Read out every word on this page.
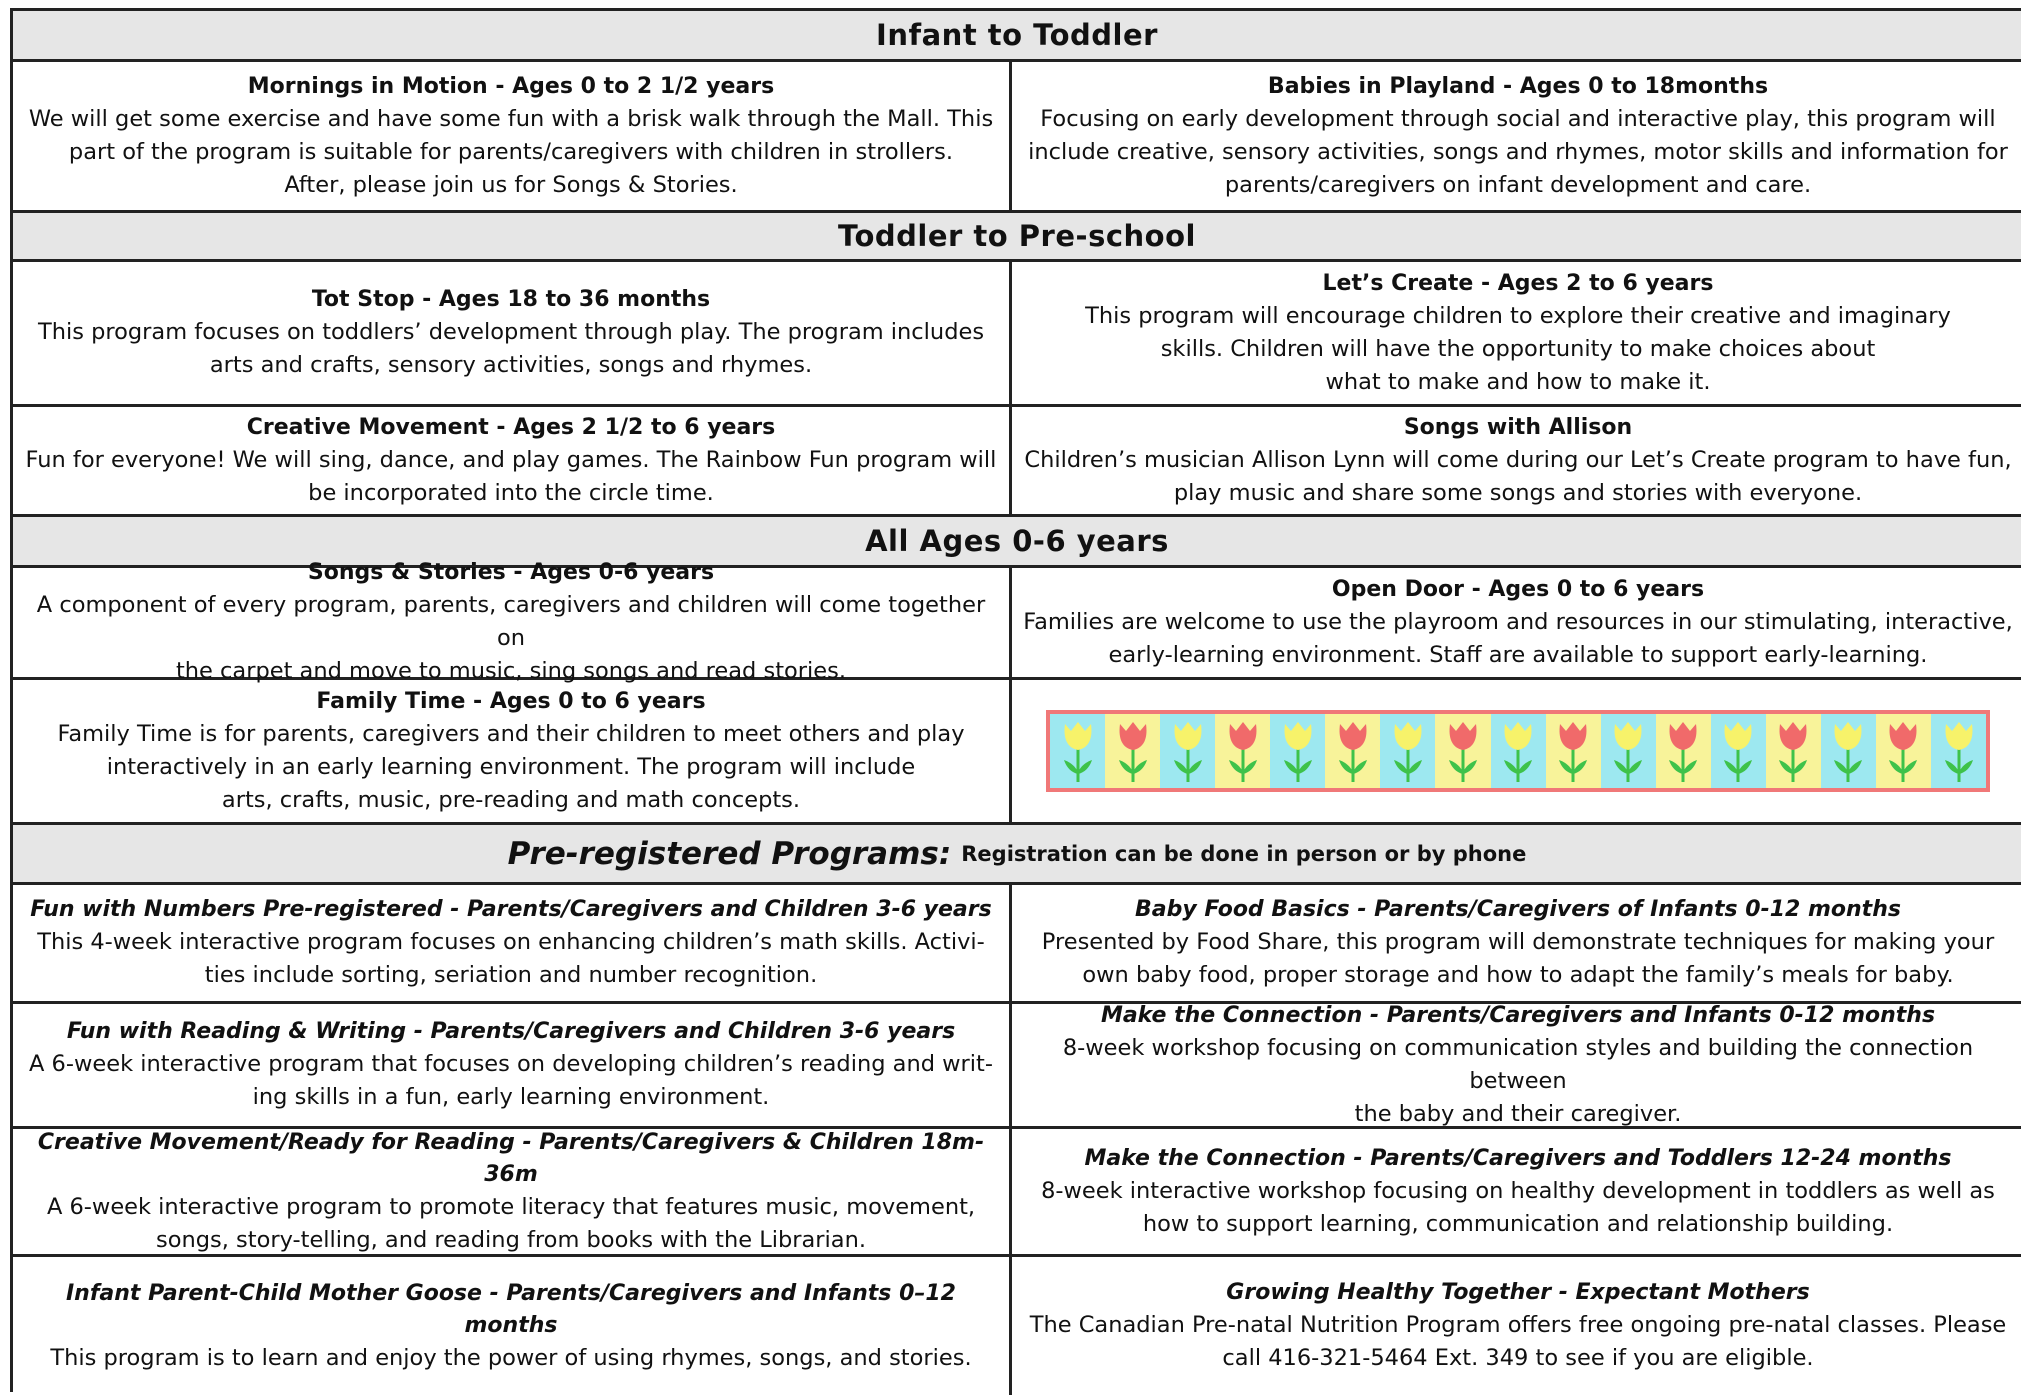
Infant to Toddler
Mornings in Motion - Ages 0 to 2 1/2 years
We will get some exercise and have some fun with a brisk walk through the Mall. This
part of the program is suitable for parents/caregivers with children in strollers.
After, please join us for Songs & Stories.
Babies in Playland - Ages 0 to 18months
Focusing on early development through social and interactive play, this program will
include creative, sensory activities, songs and rhymes, motor skills and information for
parents/caregivers on infant development and care.
Toddler to Pre-school
Tot Stop - Ages 18 to 36 months
This program focuses on toddlers’ development through play. The program includes
arts and crafts, sensory activities, songs and rhymes.
Let’s Create - Ages 2 to 6 years
This program will encourage children to explore their creative and imaginary
skills. Children will have the opportunity to make choices about
what to make and how to make it.
Creative Movement - Ages 2 1/2 to 6 years
Fun for everyone! We will sing, dance, and play games. The Rainbow Fun program will
be incorporated into the circle time.
Songs with Allison
Children’s musician Allison Lynn will come during our Let’s Create program to have fun,
play music and share some songs and stories with everyone.
All Ages 0-6 years
Songs & Stories - Ages 0-6 years
A component of every program, parents, caregivers and children will come together on
the carpet and move to music, sing songs and read stories.
Open Door - Ages 0 to 6 years
Families are welcome to use the playroom and resources in our stimulating, interactive,
early-learning environment. Staff are available to support early-learning.
Family Time - Ages 0 to 6 years
Family Time is for parents, caregivers and their children to meet others and play
interactively in an early learning environment. The program will include
arts, crafts, music, pre-reading and math concepts.
Pre-registered Programs: Registration can be done in person or by phone
Fun with Numbers Pre-registered - Parents/Caregivers and Children 3-6 years
This 4-week interactive program focuses on enhancing children’s math skills. Activi-
ties include sorting, seriation and number recognition.
Baby Food Basics - Parents/Caregivers of Infants 0-12 months
Presented by Food Share, this program will demonstrate techniques for making your
own baby food, proper storage and how to adapt the family’s meals for baby.
Fun with Reading & Writing - Parents/Caregivers and Children 3-6 years
A 6-week interactive program that focuses on developing children’s reading and writ-
ing skills in a fun, early learning environment.
Make the Connection - Parents/Caregivers and Infants 0-12 months
8-week workshop focusing on communication styles and building the connection between
the baby and their caregiver.
Creative Movement/Ready for Reading - Parents/Caregivers & Children 18m-36m
A 6-week interactive program to promote literacy that features music, movement,
songs, story-telling, and reading from books with the Librarian.
Make the Connection - Parents/Caregivers and Toddlers 12-24 months
8-week interactive workshop focusing on healthy development in toddlers as well as
how to support learning, communication and relationship building.
Infant Parent-Child Mother Goose - Parents/Caregivers and Infants 0–12 months
This program is to learn and enjoy the power of using rhymes, songs, and stories.
Growing Healthy Together - Expectant Mothers
The Canadian Pre-natal Nutrition Program offers free ongoing pre-natal classes. Please
call 416-321-5464 Ext. 349 to see if you are eligible.
